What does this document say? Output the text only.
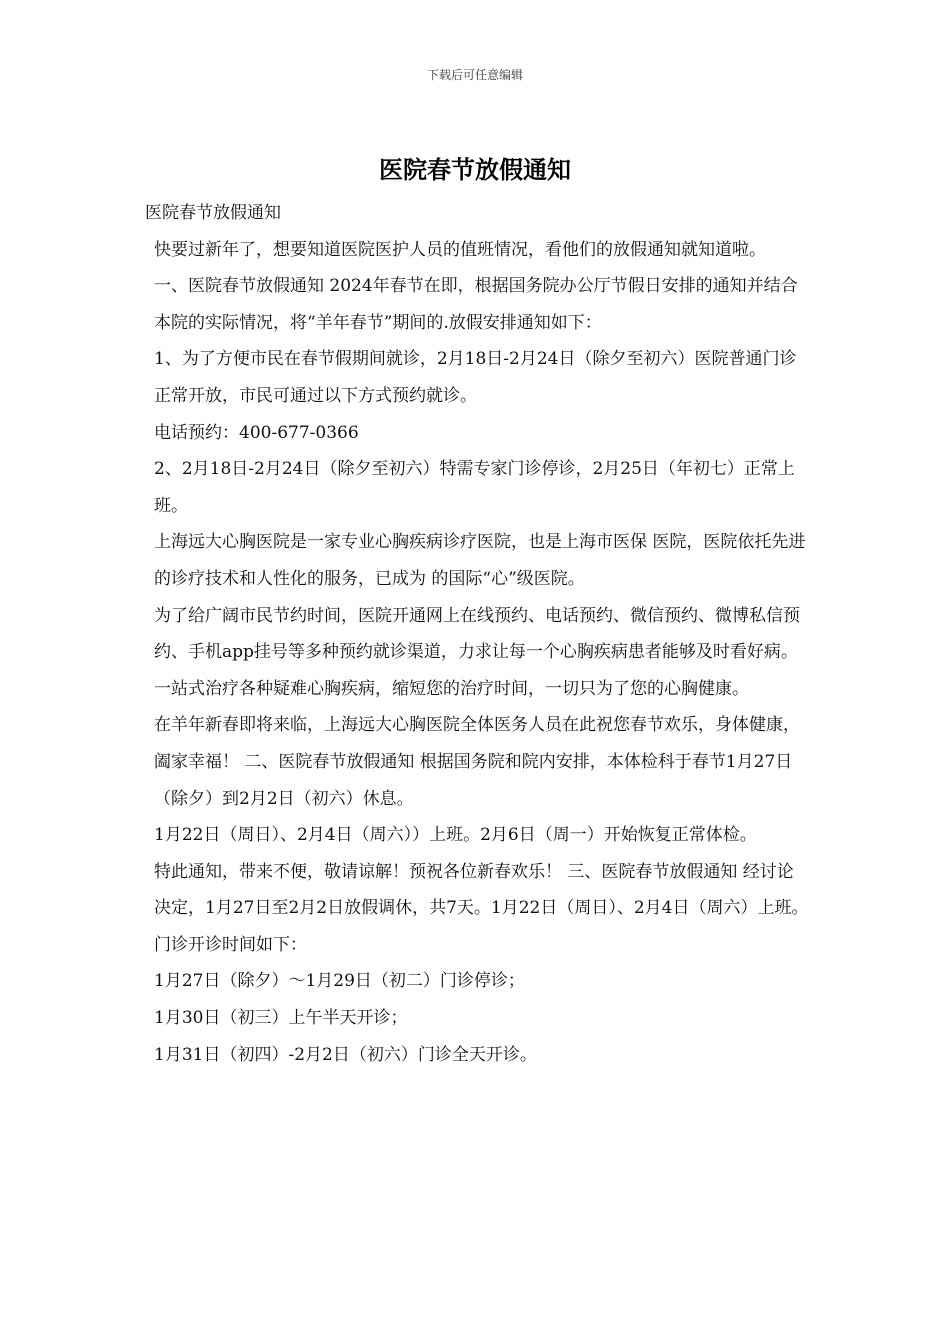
下载后可任意编辑
医院春节放假通知

医院春节放假通知

快要过新年了，想要知道医院医护人员的值班情况，看他们的放假通知就知道啦。

一、医院春节放假通知 2024年春节在即，根据国务院办公厅节假日安排的通知并结合本院的实际情况，将“羊年春节”期间的.放假安排通知如下：

1、为了方便市民在春节假期间就诊，2月18日-2月24日（除夕至初六）医院普通门诊正常开放，市民可通过以下方式预约就诊。

电话预约：400-677-0366

2、2月18日-2月24日（除夕至初六）特需专家门诊停诊，2月25日（年初七）正常上班。

上海远大心胸医院是一家专业心胸疾病诊疗医院，也是上海市医保 医院，医院依托先进的诊疗技术和人性化的服务，已成为 的国际“心”级医院。

为了给广阔市民节约时间，医院开通网上在线预约、电话预约、微信预约、微博私信预约、手机app挂号等多种预约就诊渠道，力求让每一个心胸疾病患者能够及时看好病。一站式治疗各种疑难心胸疾病，缩短您的治疗时间，一切只为了您的心胸健康。

在羊年新春即将来临，上海远大心胸医院全体医务人员在此祝您春节欢乐，身体健康，阖家幸福！ 二、医院春节放假通知 根据国务院和院内安排，本体检科于春节1月27日（除夕）到2月2日（初六）休息。

1月22日（周日）、2月4日（周六））上班。2月6日（周一）开始恢复正常体检。

特此通知，带来不便，敬请谅解！预祝各位新春欢乐！ 三、医院春节放假通知 经讨论决定，1月27日至2月2日放假调休，共7天。1月22日（周日）、2月4日（周六）上班。

门诊开诊时间如下：

1月27日（除夕）～1月29日（初二）门诊停诊；

1月30日（初三）上午半天开诊；

1月31日（初四）-2月2日（初六）门诊全天开诊。
